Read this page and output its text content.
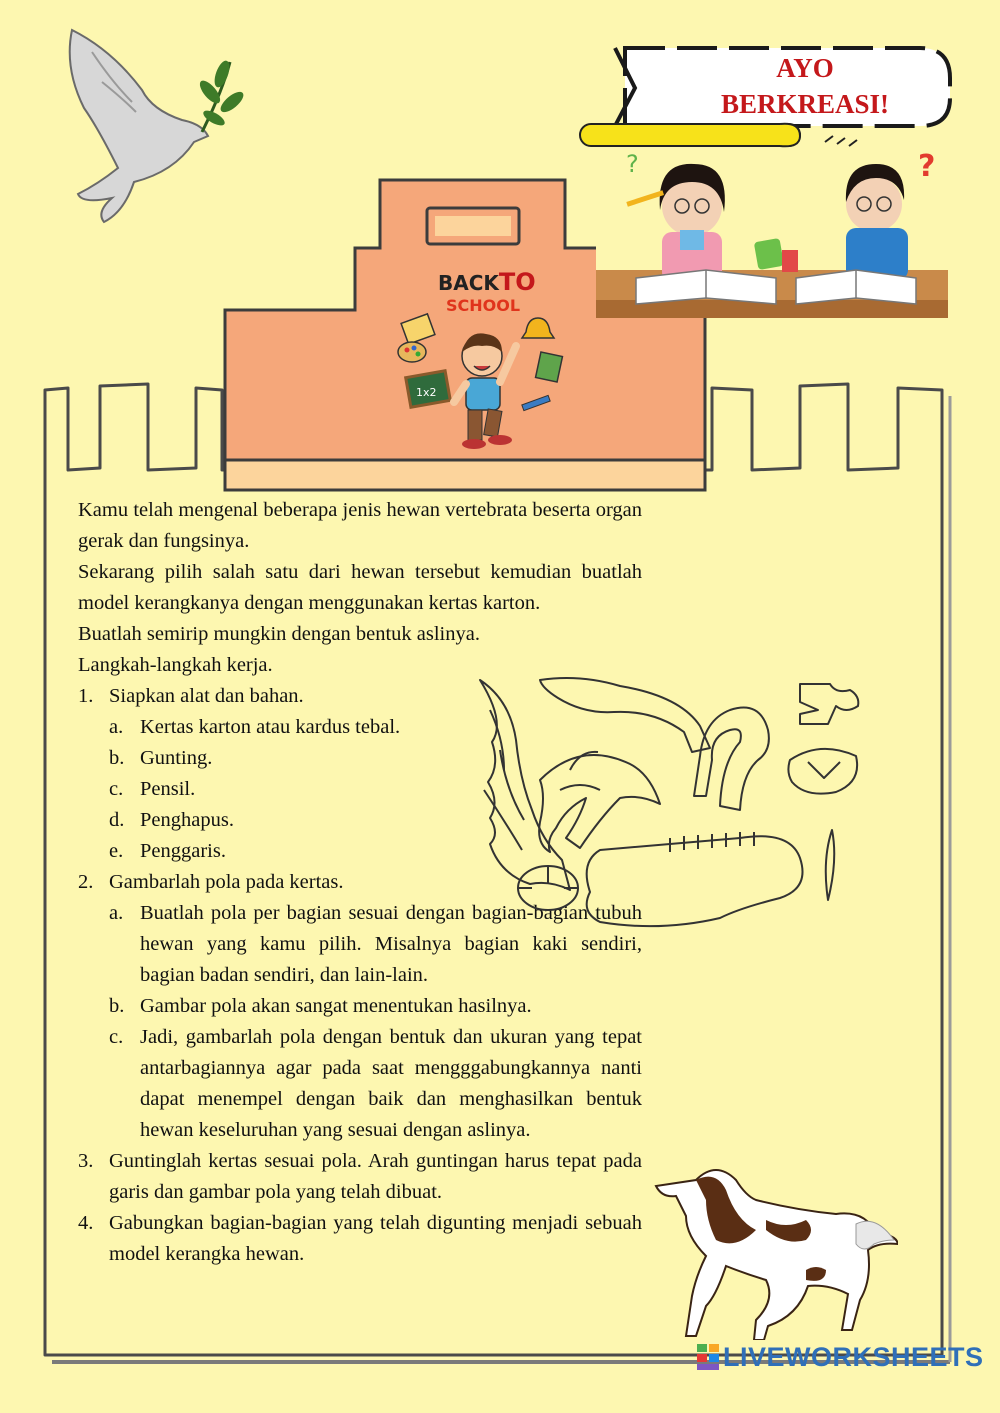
BACKTO
SCHOOL
1x2
AYO
BERKREASI!
?	?

Kamu telah mengenal beberapa jenis hewan vertebrata beserta organ gerak dan fungsinya.

Sekarang pilih salah satu dari hewan tersebut kemudian buatlah model kerangkanya dengan menggunakan kertas karton.

Buatlah semirip mungkin dengan bentuk aslinya.

Langkah-langkah kerja.

1. Siapkan alat dan bahan.
a. Kertas karton atau kardus tebal.
b. Gunting.
c. Pensil.
d. Penghapus.
e. Penggaris.
2. Gambarlah pola pada kertas.
a. Buatlah pola per bagian sesuai dengan bagian-bagian tubuh hewan yang kamu pilih. Misalnya bagian kaki sendiri, bagian badan sendiri, dan lain-lain.
b. Gambar pola akan sangat menentukan hasilnya.
c. Jadi, gambarlah pola dengan bentuk dan ukuran yang tepat antarbagiannya agar pada saat mengggabungkannya nanti dapat menempel dengan baik dan menghasilkan bentuk hewan keseluruhan yang sesuai dengan aslinya.
3. Guntinglah kertas sesuai pola. Arah guntingan harus tepat pada garis dan gambar pola yang telah dibuat.
4. Gabungkan bagian-bagian yang telah digunting menjadi sebuah model kerangka hewan.
LIVEWORKSHEETS
